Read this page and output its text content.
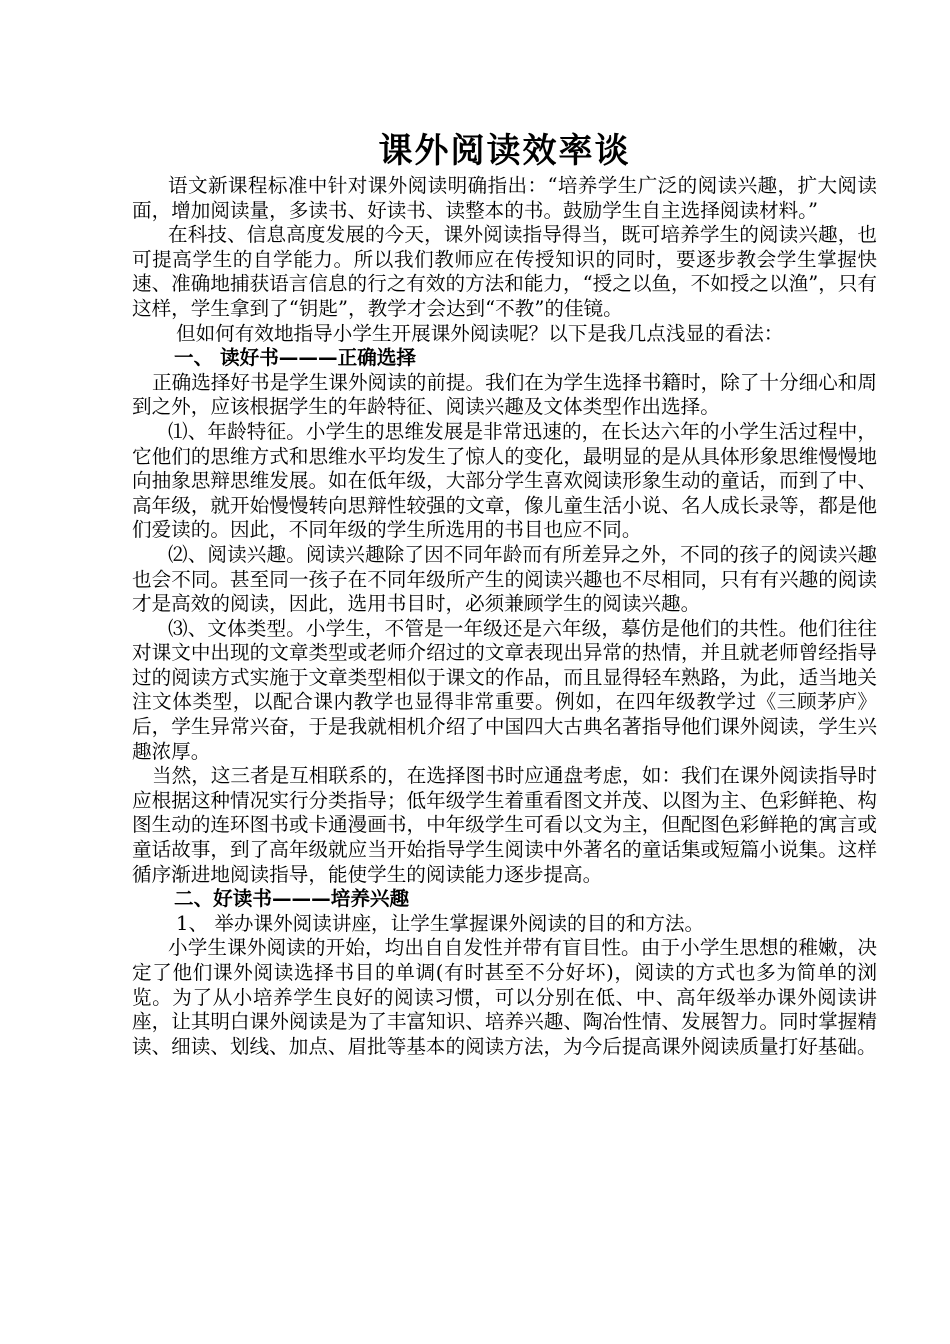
课外阅读效率谈

语文新课程标准中针对课外阅读明确指出：“培养学生广泛的阅读兴趣，扩大阅读面，增加阅读量，多读书、好读书、读整本的书。鼓励学生自主选择阅读材料。”

在科技、信息高度发展的今天，课外阅读指导得当，既可培养学生的阅读兴趣，也可提高学生的自学能力。所以我们教师应在传授知识的同时，要逐步教会学生掌握快速、准确地捕获语言信息的行之有效的方法和能力，“授之以鱼，不如授之以渔”，只有这样，学生拿到了“钥匙”，教学才会达到“不教”的佳镜。

但如何有效地指导小学生开展课外阅读呢？以下是我几点浅显的看法：

一、 读好书———正确选择

正确选择好书是学生课外阅读的前提。我们在为学生选择书籍时，除了十分细心和周到之外，应该根据学生的年龄特征、阅读兴趣及文体类型作出选择。

⑴、年龄特征。小学生的思维发展是非常迅速的，在长达六年的小学生活过程中，它他们的思维方式和思维水平均发生了惊人的变化，最明显的是从具体形象思维慢慢地向抽象思辩思维发展。如在低年级，大部分学生喜欢阅读形象生动的童话，而到了中、高年级，就开始慢慢转向思辩性较强的文章，像儿童生活小说、名人成长录等，都是他们爱读的。因此，不同年级的学生所选用的书目也应不同。

⑵、阅读兴趣。阅读兴趣除了因不同年龄而有所差异之外，不同的孩子的阅读兴趣也会不同。甚至同一孩子在不同年级所产生的阅读兴趣也不尽相同，只有有兴趣的阅读才是高效的阅读，因此，选用书目时，必须兼顾学生的阅读兴趣。

⑶、文体类型。小学生，不管是一年级还是六年级，摹仿是他们的共性。他们往往对课文中出现的文章类型或老师介绍过的文章表现出异常的热情，并且就老师曾经指导过的阅读方式实施于文章类型相似于课文的作品，而且显得轻车熟路，为此，适当地关注文体类型，以配合课内教学也显得非常重要。例如，在四年级教学过《三顾茅庐》后，学生异常兴奋，于是我就相机介绍了中国四大古典名著指导他们课外阅读，学生兴趣浓厚。

当然，这三者是互相联系的，在选择图书时应通盘考虑，如：我们在课外阅读指导时应根据这种情况实行分类指导；低年级学生着重看图文并茂、以图为主、色彩鲜艳、构图生动的连环图书或卡通漫画书，中年级学生可看以文为主，但配图色彩鲜艳的寓言或童话故事，到了高年级就应当开始指导学生阅读中外著名的童话集或短篇小说集。这样循序渐进地阅读指导，能使学生的阅读能力逐步提高。

二、好读书———培养兴趣

1、 举办课外阅读讲座，让学生掌握课外阅读的目的和方法。

小学生课外阅读的开始，均出自自发性并带有盲目性。由于小学生思想的稚嫩，决定了他们课外阅读选择书目的单调(有时甚至不分好坏)，阅读的方式也多为简单的浏览。为了从小培养学生良好的阅读习惯，可以分别在低、中、高年级举办课外阅读讲座，让其明白课外阅读是为了丰富知识、培养兴趣、陶冶性情、发展智力。同时掌握精读、细读、划线、加点、眉批等基本的阅读方法，为今后提高课外阅读质量打好基础。
